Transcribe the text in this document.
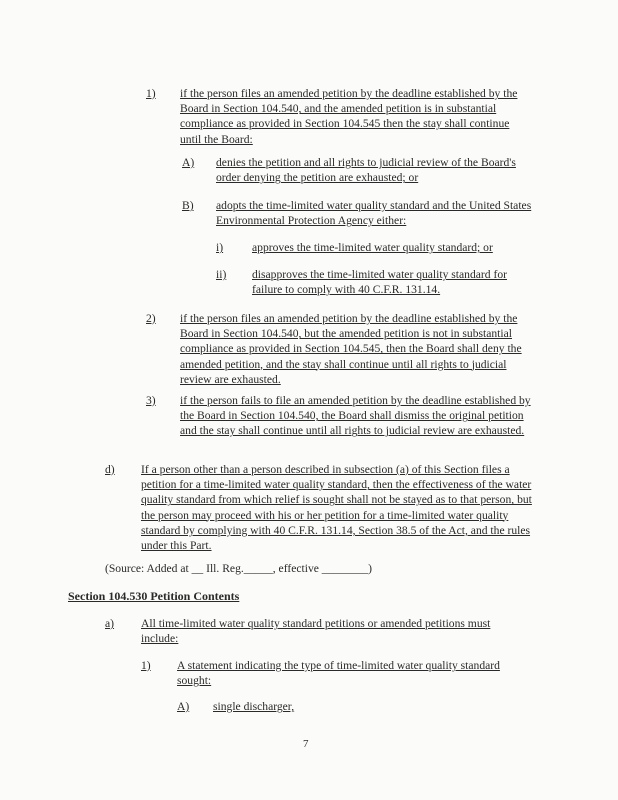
1) if the person files an amended petition by the deadline established by the Board in Section 104.540, and the amended petition is in substantial compliance as provided in Section 104.545 then the stay shall continue until the Board:
A) denies the petition and all rights to judicial review of the Board's order denying the petition are exhausted; or
B) adopts the time-limited water quality standard and the United States Environmental Protection Agency either:
i) approves the time-limited water quality standard; or
ii) disapproves the time-limited water quality standard for failure to comply with 40 C.F.R. 131.14.
2) if the person files an amended petition by the deadline established by the Board in Section 104.540, but the amended petition is not in substantial compliance as provided in Section 104.545, then the Board shall deny the amended petition, and the stay shall continue until all rights to judicial review are exhausted.
3) if the person fails to file an amended petition by the deadline established by the Board in Section 104.540, the Board shall dismiss the original petition and the stay shall continue until all rights to judicial review are exhausted.
d) If a person other than a person described in subsection (a) of this Section files a petition for a time-limited water quality standard, then the effectiveness of the water quality standard from which relief is sought shall not be stayed as to that person, but the person may proceed with his or her petition for a time-limited water quality standard by complying with 40 C.F.R. 131.14, Section 38.5 of the Act, and the rules under this Part.
(Source: Added at __ Ill. Reg._____, effective ________)
Section 104.530 Petition Contents
a) All time-limited water quality standard petitions or amended petitions must include:
1) A statement indicating the type of time-limited water quality standard sought:
A) single discharger,
7
